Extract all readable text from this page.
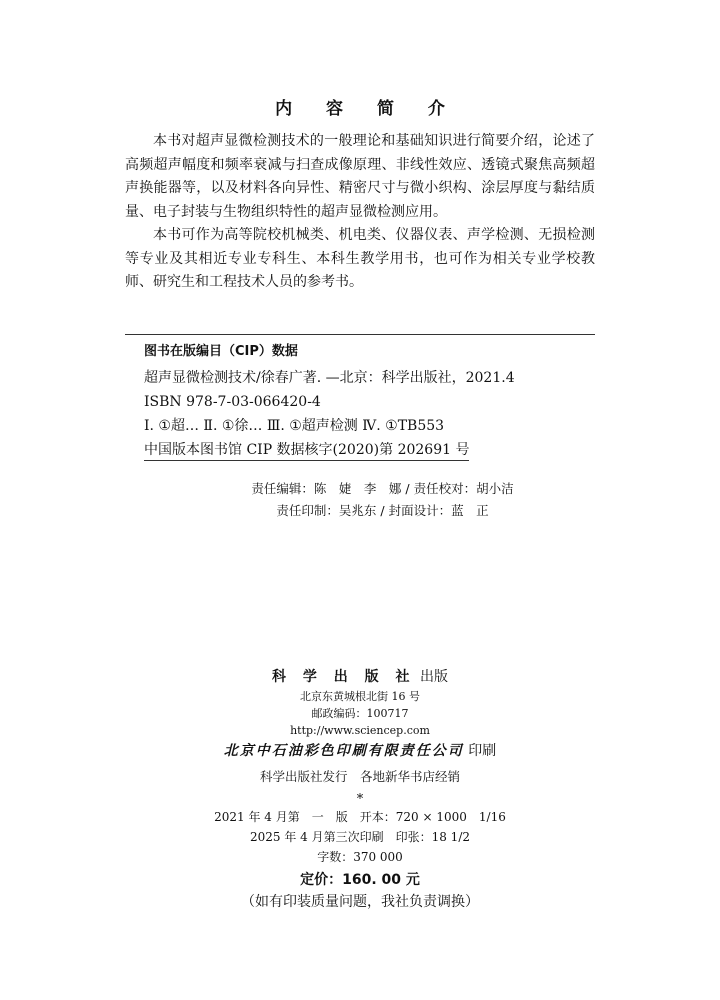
内 容 简 介

本书对超声显微检测技术的一般理论和基础知识进行简要介绍，论述了高频超声幅度和频率衰减与扫查成像原理、非线性效应、透镜式聚焦高频超声换能器等，以及材料各向异性、精密尺寸与微小织构、涂层厚度与黏结质量、电子封装与生物组织特性的超声显微检测应用。

本书可作为高等院校机械类、机电类、仪器仪表、声学检测、无损检测等专业及其相近专业专科生、本科生教学用书，也可作为相关专业学校教师、研究生和工程技术人员的参考书。

图书在版编目（CIP）数据
超声显微检测技术/徐春广著. —北京：科学出版社，2021.4
ISBN 978-7-03-066420-4
Ⅰ. ①超… Ⅱ. ①徐… Ⅲ. ①超声检测 Ⅳ. ①TB553
中国版本图书馆 CIP 数据核字(2020)第 202691 号
责任编辑：陈　婕　李　娜 / 责任校对：胡小洁
责任印制：吴兆东 / 封面设计：蓝　正
科 学 出 版 社 出版
北京东黄城根北街 16 号
邮政编码：100717
http://www.sciencep.com
北京中石油彩色印刷有限责任公司 印刷
科学出版社发行　各地新华书店经销
*
2021 年 4 月第　一　版　开本：720 × 1000　1/16
2025 年 4 月第三次印刷　印张：18 1/2
字数：370 000
定价：160. 00 元
（如有印装质量问题，我社负责调换）
